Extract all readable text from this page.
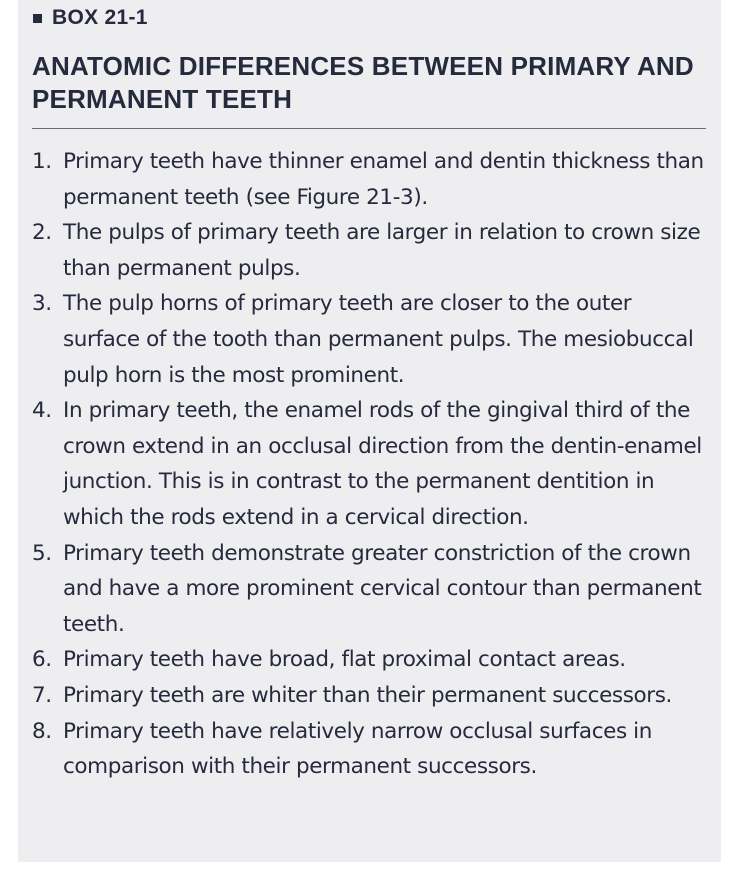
BOX 21-1
ANATOMIC DIFFERENCES BETWEEN PRIMARY AND PERMANENT TEETH
1. Primary teeth have thinner enamel and dentin thickness than permanent teeth (see Figure 21-3).
2. The pulps of primary teeth are larger in relation to crown size than permanent pulps.
3. The pulp horns of primary teeth are closer to the outer surface of the tooth than permanent pulps. The mesiobuccal pulp horn is the most prominent.
4. In primary teeth, the enamel rods of the gingival third of the crown extend in an occlusal direction from the dentin-enamel junction. This is in contrast to the permanent dentition in which the rods extend in a cervical direction.
5. Primary teeth demonstrate greater constriction of the crown and have a more prominent cervical contour than permanent teeth.
6. Primary teeth have broad, flat proximal contact areas.
7. Primary teeth are whiter than their permanent successors.
8. Primary teeth have relatively narrow occlusal surfaces in comparison with their permanent successors.
